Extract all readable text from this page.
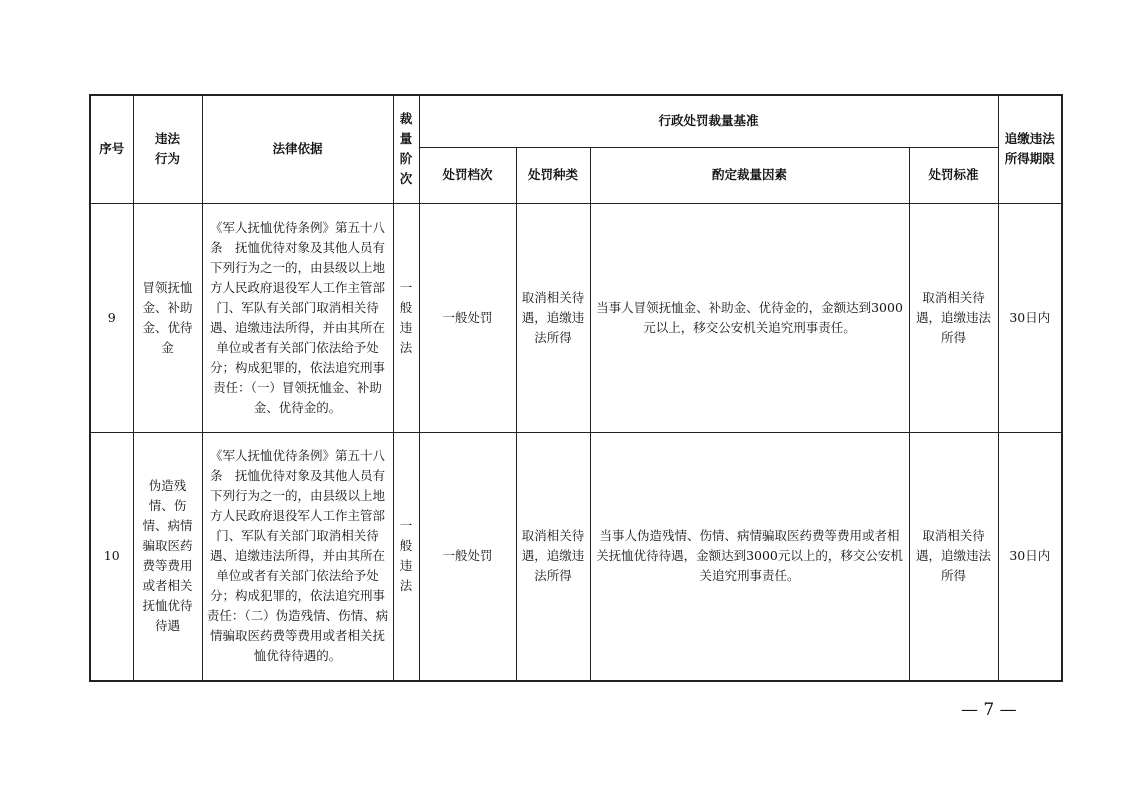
序号	违法行为	法律依据	裁量阶次	行政处罚裁量基准				追缴违法所得期限
				处罚档次	处罚种类	酌定裁量因素	处罚标准	
9	冒领抚恤金、补助金、优待金	《军人抚恤优待条例》第五十八条　抚恤优待对象及其他人员有下列行为之一的，由县级以上地方人民政府退役军人工作主管部门、军队有关部门取消相关待遇、追缴违法所得，并由其所在单位或者有关部门依法给予处分；构成犯罪的，依法追究刑事责任：（一）冒领抚恤金、补助金、优待金的。	一般违法	一般处罚	取消相关待遇，追缴违法所得	当事人冒领抚恤金、补助金、优待金的，金额达到3000元以上，移交公安机关追究刑事责任。	取消相关待遇，追缴违法所得	30日内
10	伪造残情、伤情、病情骗取医药费等费用或者相关抚恤优待待遇	《军人抚恤优待条例》第五十八条　抚恤优待对象及其他人员有下列行为之一的，由县级以上地方人民政府退役军人工作主管部门、军队有关部门取消相关待遇、追缴违法所得，并由其所在单位或者有关部门依法给予处分；构成犯罪的，依法追究刑事责任：（二）伪造残情、伤情、病情骗取医药费等费用或者相关抚恤优待待遇的。	一般违法	一般处罚	取消相关待遇，追缴违法所得	当事人伪造残情、伤情、病情骗取医药费等费用或者相关抚恤优待待遇，金额达到3000元以上的，移交公安机关追究刑事责任。	取消相关待遇，追缴违法所得	30日内
— 7 —
